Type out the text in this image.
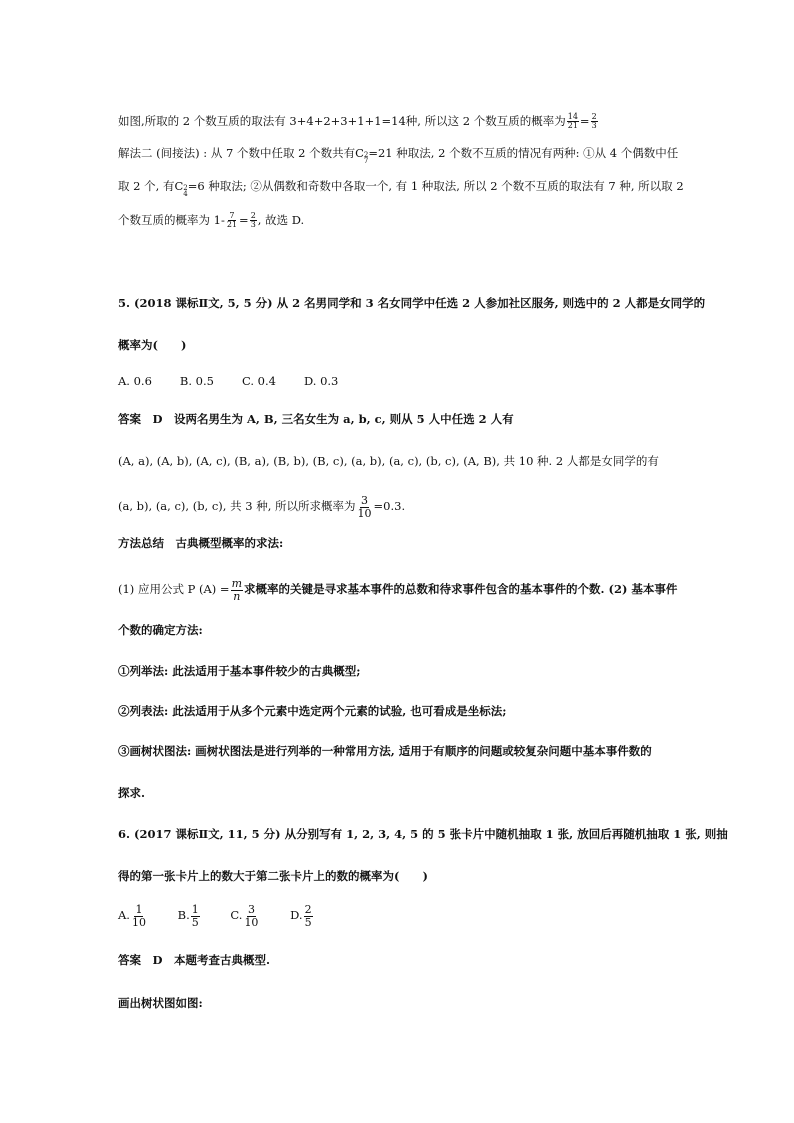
如图,所取的 2 个数互质的取法有 3+4+2+3+1+1=14种, 所以这 2 个数互质的概率为 $\frac{14}{21} = \frac{2}{3}$
解法二 (间接法) : 从 7 个数中任取 2 个数共有 C 2
7
=21 种取法, 2 个数不互质的情况有两种: ①从 4 个偶数中任
取 2 个, 有 C 2
4
=6 种取法; ②从偶数和奇数中各取一个, 有 1 种取法, 所以 2 个数不互质的取法有 7 种, 所以取 2
个数互质的概率为 $1- \frac{7}{21} = \frac{2}{3}$ , 故选 D.
5. (2018 课标Ⅱ文, 5, 5 分) 从 2 名男同学和 3 名女同学中任选 2 人参加社区服务, 则选中的 2 人都是女同学的
概率为(　　)
A. 0.6 B. 0.5 C. 0.4 D. 0.3
答案　D　设两名男生为 A, B, 三名女生为 a, b, c, 则从 5 人中任选 2 人有
(A, a), (A, b), (A, c), (B, a), (B, b), (B, c), (a, b), (a, c), (b, c), (A, B), 共 10 种. 2 人都是女同学的有
(a, b), (a, c), (b, c), 共 3 种, 所以所求概率为 $\frac{3}{10} =0.3$.
方法总结　古典概型概率的求法:
(1) 应用公式 P $(A) = \frac{m}{n}$ 求概率的关键是寻求基本事件的总数和待求事件包含的基本事件的个数. (2) 基本事件
个数的确定方法:
①列举法: 此法适用于基本事件较少的古典概型;
②列表法: 此法适用于从多个元素中选定两个元素的试验, 也可看成是坐标法;
③画树状图法: 画树状图法是进行列举的一种常用方法, 适用于有顺序的问题或较复杂问题中基本事件数的
探求.
6. (2017 课标Ⅱ文, 11, 5 分) 从分别写有 1, 2, 3, 4, 5 的 5 张卡片中随机抽取 1 张, 放回后再随机抽取 1 张, 则抽
得的第一张卡片上的数大于第二张卡片上的数的概率为(　　)
A. $\frac{1}{10}$	B. $\frac{1}{5}$	C. $\frac{3}{10}$	D. $\frac{2}{5}$
答案　D　本题考查古典概型.
画出树状图如图:
